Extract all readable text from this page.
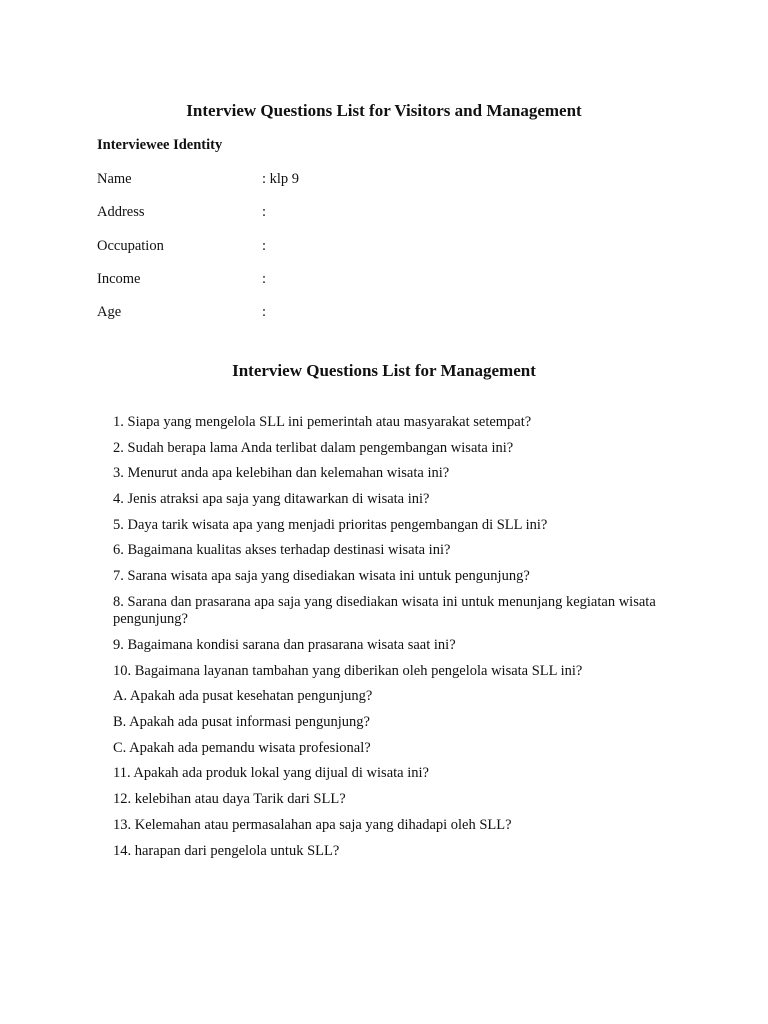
Interview Questions List for Visitors and Management
Interviewee Identity
Name	: klp 9
Address	:
Occupation	:
Income	:
Age	:
Interview Questions List for Management
1. Siapa yang mengelola SLL ini pemerintah atau masyarakat setempat?
2. Sudah berapa lama Anda terlibat dalam pengembangan wisata ini?
3. Menurut anda apa kelebihan dan kelemahan wisata ini?
4. Jenis atraksi apa saja yang ditawarkan di wisata ini?
5. Daya tarik wisata apa yang menjadi prioritas pengembangan di SLL ini?
6. Bagaimana kualitas akses terhadap destinasi wisata ini?
7. Sarana wisata apa saja yang disediakan wisata ini untuk pengunjung?
8. Sarana dan prasarana apa saja yang disediakan wisata ini untuk menunjang kegiatan wisata pengunjung?
9. Bagaimana kondisi sarana dan prasarana wisata saat ini?
10. Bagaimana layanan tambahan yang diberikan oleh pengelola wisata SLL ini?
A. Apakah ada pusat kesehatan pengunjung?
B. Apakah ada pusat informasi pengunjung?
C. Apakah ada pemandu wisata profesional?
11. Apakah ada produk lokal yang dijual di wisata ini?
12. kelebihan atau daya Tarik dari SLL?
13. Kelemahan atau permasalahan apa saja yang dihadapi oleh SLL?
14. harapan dari pengelola untuk SLL?
